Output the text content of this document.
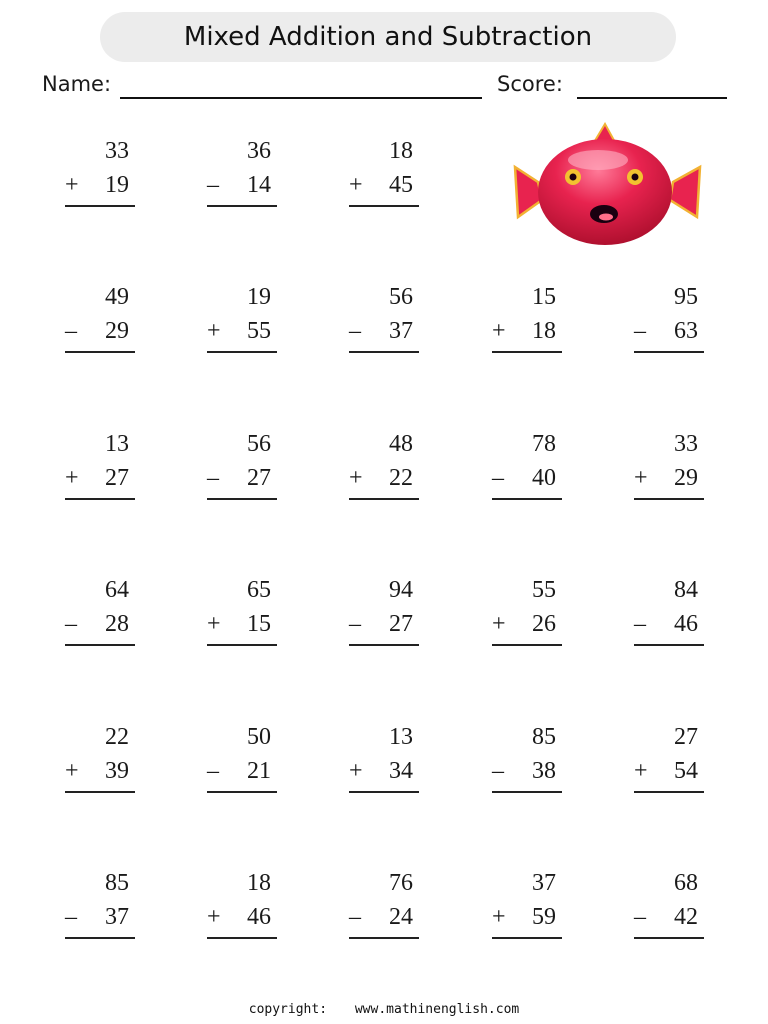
Mixed Addition and Subtraction
Name:	Score:
33
+ 19
36
– 14
18
+ 45
49
– 29
19
+ 55
56
– 37
15
+ 18
95
– 63
13
+ 27
56
– 27
48
+ 22
78
– 40
33
+ 29
64
– 28
65
+ 15
94
– 27
55
+ 26
84
– 46
22
+ 39
50
– 21
13
+ 34
85
– 38
27
+ 54
85
– 37
18
+ 46
76
– 24
37
+ 59
68
– 42
copyright: www.mathinenglish.com
